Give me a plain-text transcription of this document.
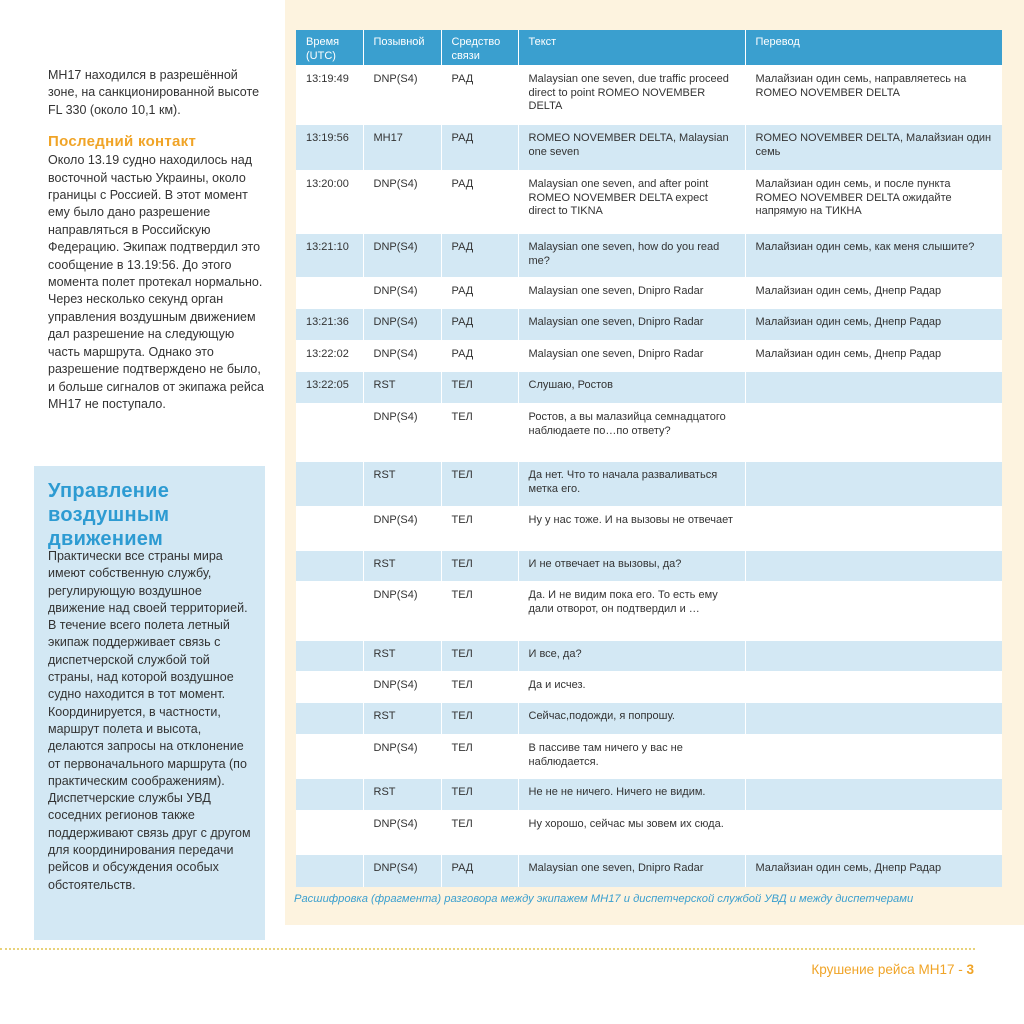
MH17 находился в разрешённой зоне, на санкционированной высоте FL 330 (около 10,1 км).

Последний контакт

Около 13.19 судно находилось над восточной частью Украины, около границы с Россией. В этот момент ему было дано разрешение направляться в Российскую Федерацию. Экипаж подтвердил это сообщение в 13.19:56. До этого момента полет протекал нормально. Через несколько секунд орган управления воздушным движением дал разрешение на следующую часть маршрута. Однако это разрешение подтверждено не было, и больше сигналов от экипажа рейса MH17 не поступало.

Управление воздушным движением
Практически все страны мира имеют собственную службу, регулирующую воздушное движение над своей территорией. В течение всего полета летный экипаж поддерживает связь с диспетчерской службой той страны, над которой воздушное судно находится в тот момент. Координируется, в частности, маршрут полета и высота, делаются запросы на отклонение от первоначального маршрута (по практическим соображениям). Диспетчерские службы УВД соседних регионов также поддерживают связь друг с другом для координирования передачи рейсов и обсуждения особых обстоятельств.
Время (UTC)	Позывной	Средство связи	Текст	Перевод
13:19:49	DNP(S4)	РАД	Malaysian one seven, due traffic proceed direct to point ROMEO NOVEMBER DELTA	Малайзиан один семь, направляетесь на ROMEO NOVEMBER DELTA
13:19:56	MH17	РАД	ROMEO NOVEMBER DELTA, Malaysian one seven	ROMEO NOVEMBER DELTA, Малайзиан один семь
13:20:00	DNP(S4)	РАД	Malaysian one seven, and after point ROMEO NOVEMBER DELTA expect direct to TIKNA	Малайзиан один семь, и после пункта ROMEO NOVEMBER DELTA ожидайте напрямую на ТИКНА
13:21:10	DNP(S4)	РАД	Malaysian one seven, how do you read me?	Малайзиан один семь, как меня слышите?
	DNP(S4)	РАД	Malaysian one seven, Dnipro Radar	Малайзиан один семь, Днепр Радар
13:21:36	DNP(S4)	РАД	Malaysian one seven, Dnipro Radar	Малайзиан один семь, Днепр Радар
13:22:02	DNP(S4)	РАД	Malaysian one seven, Dnipro Radar	Малайзиан один семь, Днепр Радар
13:22:05	RST	ТЕЛ	Слушаю, Ростов	
	DNP(S4)	ТЕЛ	Ростов, а вы малазийца семнадцатого наблюдаете по…по ответу?	
	RST	ТЕЛ	Да нет. Что то начала разваливаться метка его.	
	DNP(S4)	ТЕЛ	Ну у нас тоже. И на вызовы не отвечает	
	RST	ТЕЛ	И не отвечает на вызовы, да?	
	DNP(S4)	ТЕЛ	Да. И не видим пока его. То есть ему дали отворот, он подтвердил и …	
	RST	ТЕЛ	И все, да?	
	DNP(S4)	ТЕЛ	Да и исчез.	
	RST	ТЕЛ	Сейчас,подожди, я попрошу.	
	DNP(S4)	ТЕЛ	В пассиве там ничего у вас не наблюдается.	
	RST	ТЕЛ	Не не не ничего. Ничего не видим.	
	DNP(S4)	ТЕЛ	Ну хорошо, сейчас мы зовем их сюда.	
	DNP(S4)	РАД	Malaysian one seven, Dnipro Radar	Малайзиан один семь, Днепр Радар
Расшифровка (фрагмента) разговора между экипажем MH17 и диспетчерской службой УВД и между диспетчерами
Крушение рейса MH17 - 3
